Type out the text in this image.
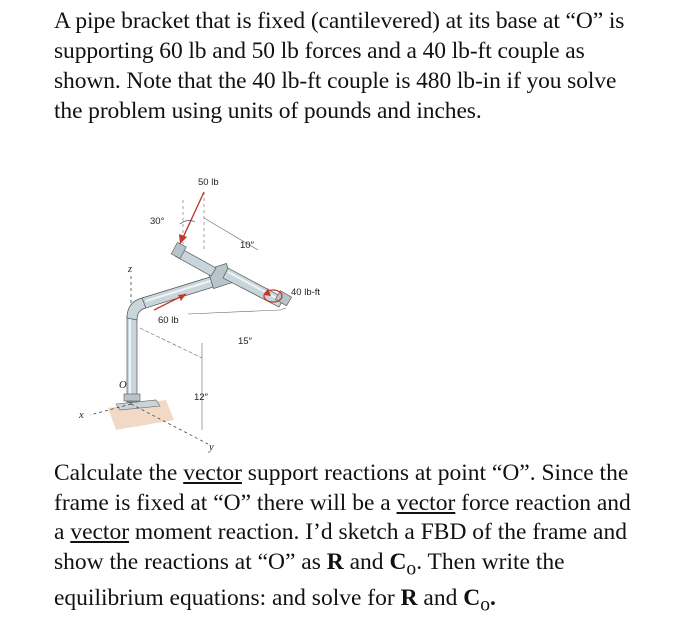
A pipe bracket that is fixed (cantilevered) at its base at “O” is
supporting 60 lb and 50 lb forces and a 40 lb-ft couple as
shown. Note that the 40 lb-ft couple is 480 lb-in if you solve
the problem using units of pounds and inches.
z
x
y
O
12″
60 lb
50 lb
30°
10″
40 lb-ft
15″
Calculate the vector support reactions at point “O”. Since the
frame is fixed at “O” there will be a vector force reaction and
a vector moment reaction. I’d sketch a FBD of the frame and
show the reactions at “O” as R and $C_o$. Then write the
equilibrium equations: and solve for R and $C_o$.
